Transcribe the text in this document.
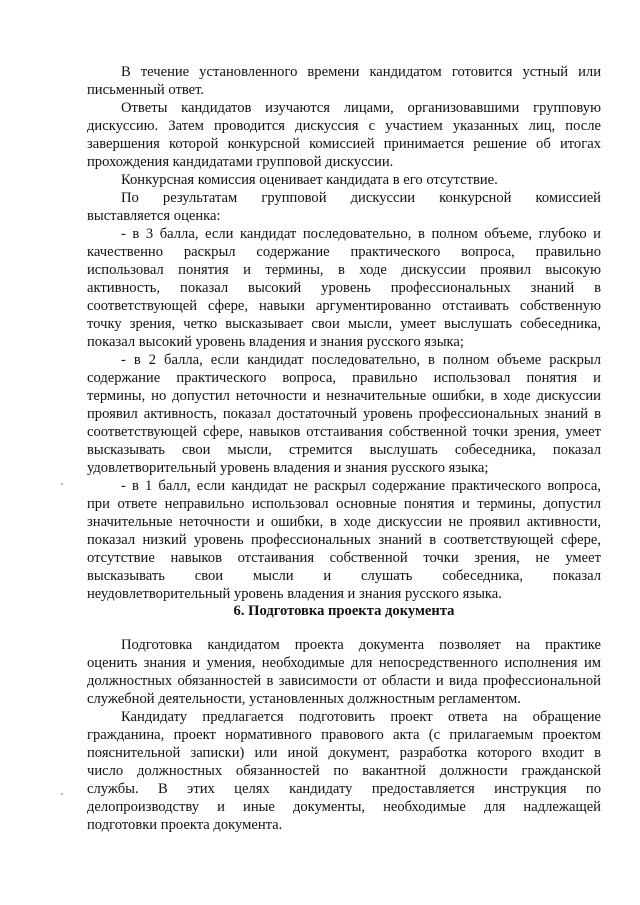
В течение установленного времени кандидатом готовится устный или
письменный ответ.
Ответы кандидатов изучаются лицами, организовавшими групповую
дискуссию. Затем проводится дискуссия с участием указанных лиц, после
завершения которой конкурсной комиссией принимается решение об итогах
прохождения кандидатами групповой дискуссии.
Конкурсная комиссия оценивает кандидата в его отсутствие.
По результатам групповой дискуссии конкурсной комиссией
выставляется оценка:
- в 3 балла, если кандидат последовательно, в полном объеме, глубоко и
качественно раскрыл содержание практического вопроса, правильно
использовал понятия и термины, в ходе дискуссии проявил высокую
активность, показал высокий уровень профессиональных знаний в
соответствующей сфере, навыки аргументированно отстаивать собственную
точку зрения, четко высказывает свои мысли, умеет выслушать собеседника,
показал высокий уровень владения и знания русского языка;
- в 2 балла, если кандидат последовательно, в полном объеме раскрыл
содержание практического вопроса, правильно использовал понятия и
термины, но допустил неточности и незначительные ошибки, в ходе дискуссии
проявил активность, показал достаточный уровень профессиональных знаний в
соответствующей сфере, навыков отстаивания собственной точки зрения, умеет
высказывать свои мысли, стремится выслушать собеседника, показал
удовлетворительный уровень владения и знания русского языка;
- в 1 балл, если кандидат не раскрыл содержание практического вопроса,
при ответе неправильно использовал основные понятия и термины, допустил
значительные неточности и ошибки, в ходе дискуссии не проявил активности,
показал низкий уровень профессиональных знаний в соответствующей сфере,
отсутствие навыков отстаивания собственной точки зрения, не умеет
высказывать свои мысли и слушать собеседника, показал
неудовлетворительный уровень владения и знания русского языка.
6. Подготовка проекта документа
Подготовка кандидатом проекта документа позволяет на практике
оценить знания и умения, необходимые для непосредственного исполнения им
должностных обязанностей в зависимости от области и вида профессиональной
служебной деятельности, установленных должностным регламентом.
Кандидату предлагается подготовить проект ответа на обращение
гражданина, проект нормативного правового акта (с прилагаемым проектом
пояснительной записки) или иной документ, разработка которого входит в
число должностных обязанностей по вакантной должности гражданской
службы. В этих целях кандидату предоставляется инструкция по
делопроизводству и иные документы, необходимые для надлежащей
подготовки проекта документа.
